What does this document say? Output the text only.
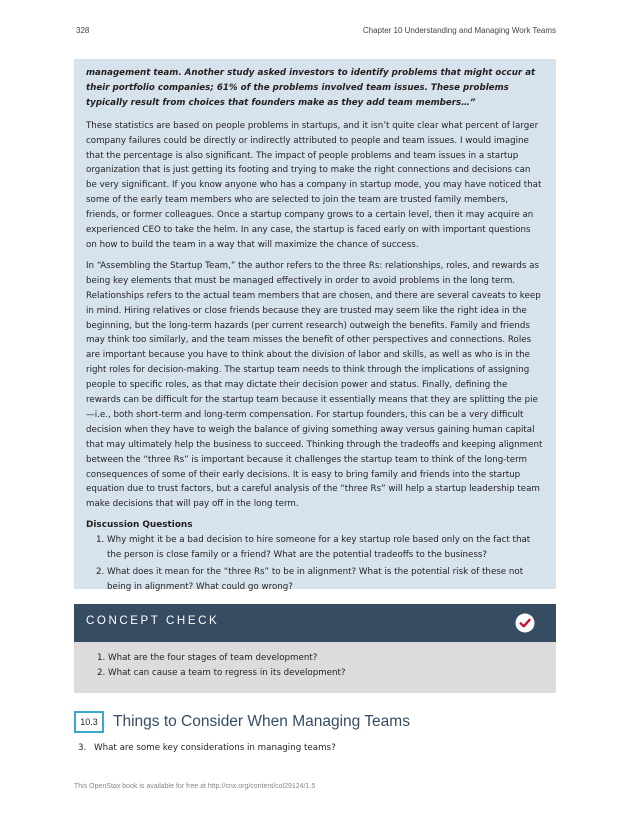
328	Chapter 10 Understanding and Managing Work Teams

management team. Another study asked investors to identify problems that might occur at their portfolio companies; 61% of the problems involved team issues. These problems typically result from choices that founders make as they add team members…”

These statistics are based on people problems in startups, and it isn’t quite clear what percent of larger company failures could be directly or indirectly attributed to people and team issues. I would imagine that the percentage is also significant. The impact of people problems and team issues in a startup organization that is just getting its footing and trying to make the right connections and decisions can be very significant. If you know anyone who has a company in startup mode, you may have noticed that some of the early team members who are selected to join the team are trusted family members, friends, or former colleagues. Once a startup company grows to a certain level, then it may acquire an experienced CEO to take the helm. In any case, the startup is faced early on with important questions on how to build the team in a way that will maximize the chance of success.

In “Assembling the Startup Team,” the author refers to the three Rs: relationships, roles, and rewards as being key elements that must be managed effectively in order to avoid problems in the long term. Relationships refers to the actual team members that are chosen, and there are several caveats to keep in mind. Hiring relatives or close friends because they are trusted may seem like the right idea in the beginning, but the long-term hazards (per current research) outweigh the benefits. Family and friends may think too similarly, and the team misses the benefit of other perspectives and connections. Roles are important because you have to think about the division of labor and skills, as well as who is in the right roles for decision-making. The startup team needs to think through the implications of assigning people to specific roles, as that may dictate their decision power and status. Finally, defining the rewards can be difficult for the startup team because it essentially means that they are splitting the pie—i.e., both short-term and long-term compensation. For startup founders, this can be a very difficult decision when they have to weigh the balance of giving something away versus gaining human capital that may ultimately help the business to succeed. Thinking through the tradeoffs and keeping alignment between the “three Rs” is important because it challenges the startup team to think of the long-term consequences of some of their early decisions. It is easy to bring family and friends into the startup equation due to trust factors, but a careful analysis of the “three Rs” will help a startup leadership team make decisions that will pay off in the long term.

Discussion Questions

1. Why might it be a bad decision to hire someone for a key startup role based only on the fact that the person is close family or a friend? What are the potential tradeoffs to the business?
2. What does it mean for the “three Rs” to be in alignment? What is the potential risk of these not being in alignment? What could go wrong?
CONCEPT CHECK
1. What are the four stages of team development?
2. What can cause a team to regress in its development?
10.3 Things to Consider When Managing Teams
3. What are some key considerations in managing teams?
This OpenStax book is available for free at http://cnx.org/content/col29124/1.5
